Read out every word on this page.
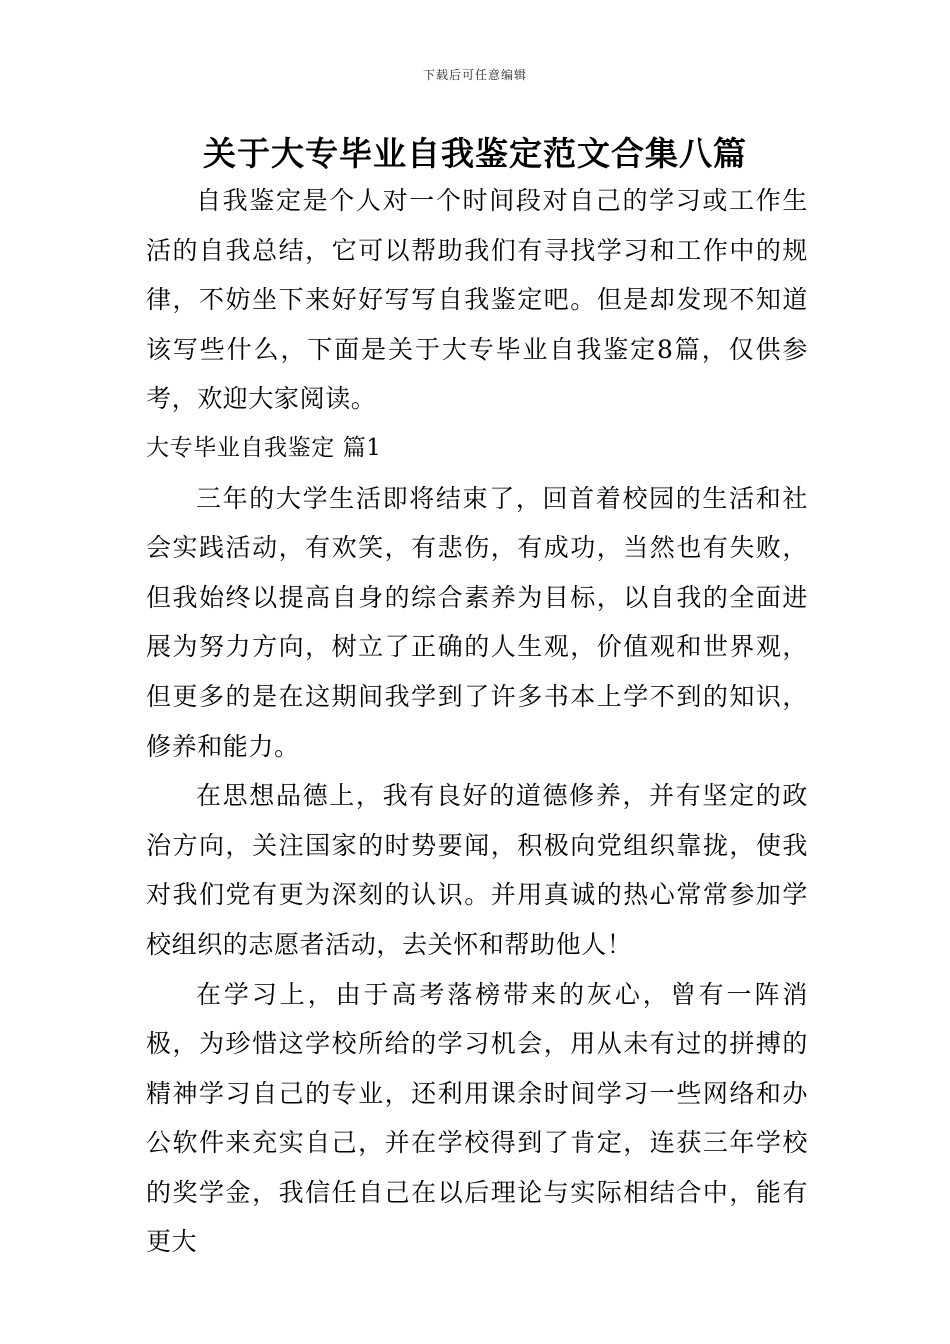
下载后可任意编辑
关于大专毕业自我鉴定范文合集八篇

自我鉴定是个人对一个时间段对自己的学习或工作生活的自我总结，它可以帮助我们有寻找学习和工作中的规律，不妨坐下来好好写写自我鉴定吧。但是却发现不知道该写些什么，下面是关于大专毕业自我鉴定8篇，仅供参考，欢迎大家阅读。

大专毕业自我鉴定 篇1

三年的大学生活即将结束了，回首着校园的生活和社会实践活动，有欢笑，有悲伤，有成功，当然也有失败，但我始终以提高自身的综合素养为目标，以自我的全面进展为努力方向，树立了正确的人生观，价值观和世界观，但更多的是在这期间我学到了许多书本上学不到的知识，修养和能力。

在思想品德上，我有良好的道德修养，并有坚定的政治方向，关注国家的时势要闻，积极向党组织靠拢，使我对我们党有更为深刻的认识。并用真诚的热心常常参加学校组织的志愿者活动，去关怀和帮助他人！

在学习上，由于高考落榜带来的灰心，曾有一阵消极，为珍惜这学校所给的学习机会，用从未有过的拼搏的精神学习自己的专业，还利用课余时间学习一些网络和办公软件来充实自己，并在学校得到了肯定，连获三年学校的奖学金，我信任自己在以后理论与实际相结合中，能有更大
